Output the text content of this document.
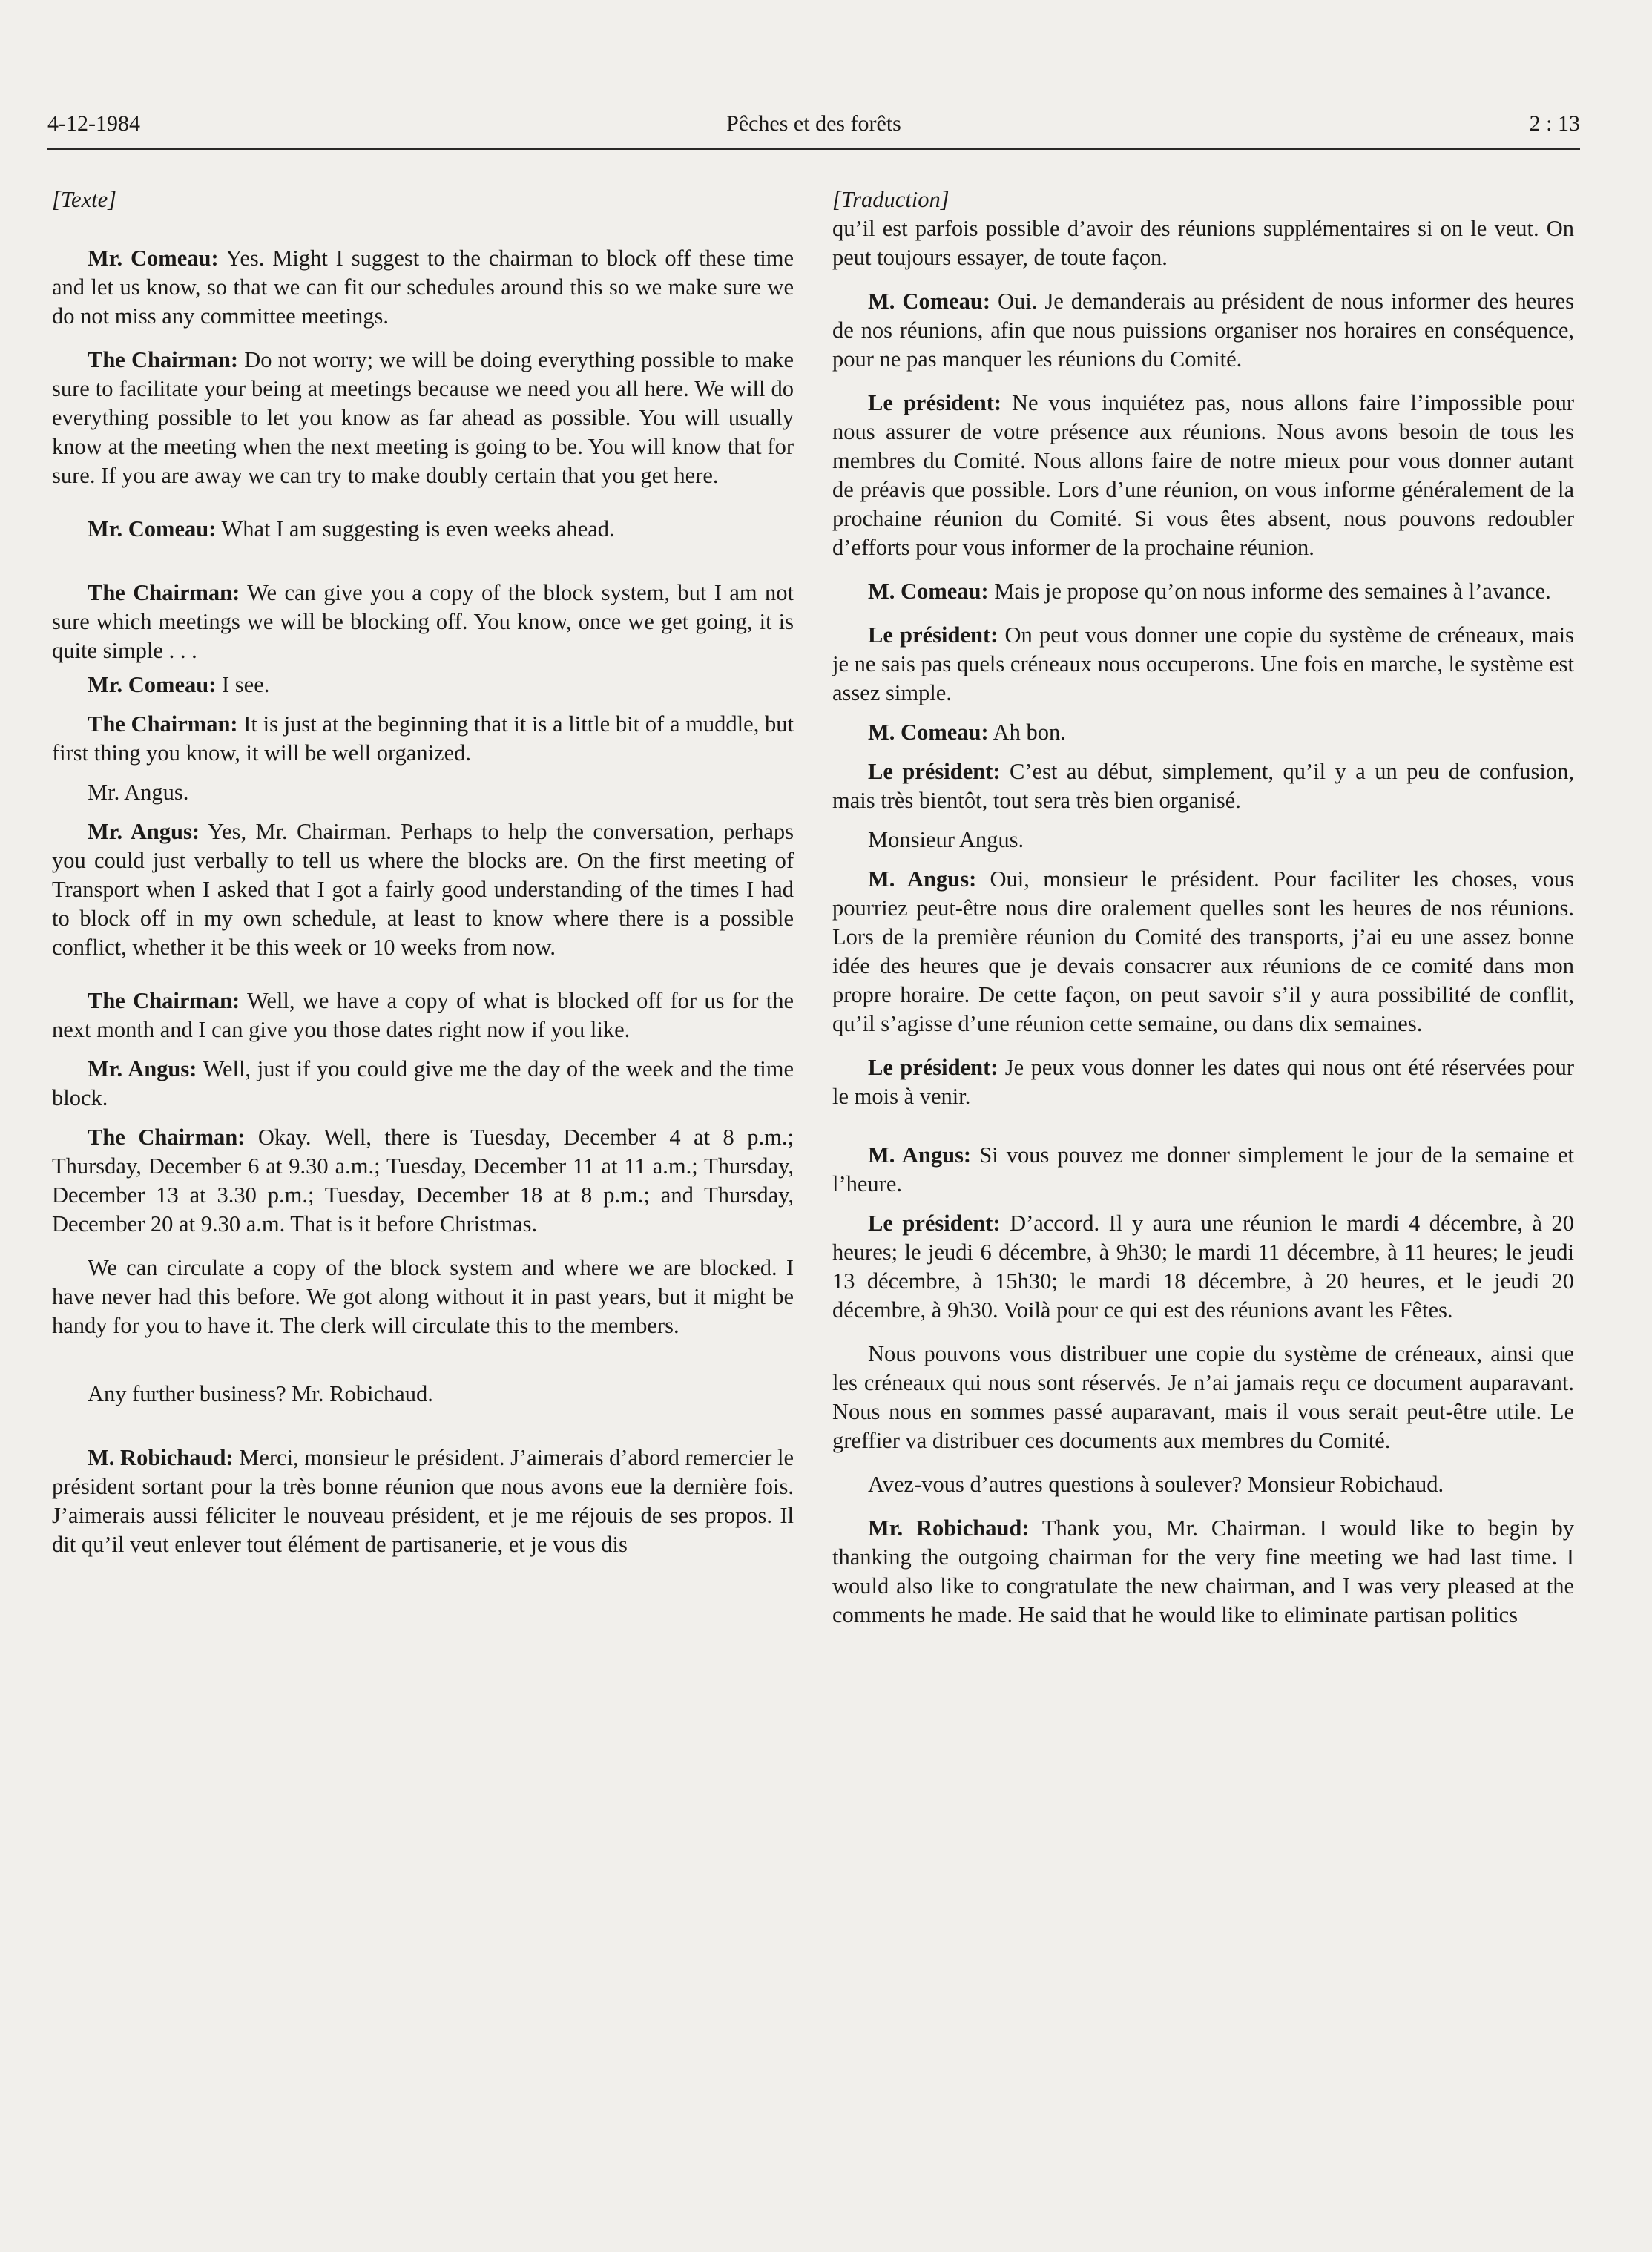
4-12-1984	Pêches et des forêts	2 : 13

[Texte]

Mr. Comeau: Yes. Might I suggest to the chairman to block off these time and let us know, so that we can fit our schedules around this so we make sure we do not miss any committee meetings.

The Chairman: Do not worry; we will be doing everything possible to make sure to facilitate your being at meetings because we need you all here. We will do everything possible to let you know as far ahead as possible. You will usually know at the meeting when the next meeting is going to be. You will know that for sure. If you are away we can try to make doubly certain that you get here.

Mr. Comeau: What I am suggesting is even weeks ahead.

The Chairman: We can give you a copy of the block system, but I am not sure which meetings we will be blocking off. You know, once we get going, it is quite simple . . .

Mr. Comeau: I see.

The Chairman: It is just at the beginning that it is a little bit of a muddle, but first thing you know, it will be well organized.

Mr. Angus.

Mr. Angus: Yes, Mr. Chairman. Perhaps to help the conversation, perhaps you could just verbally to tell us where the blocks are. On the first meeting of Transport when I asked that I got a fairly good understanding of the times I had to block off in my own schedule, at least to know where there is a possible conflict, whether it be this week or 10 weeks from now.

The Chairman: Well, we have a copy of what is blocked off for us for the next month and I can give you those dates right now if you like.

Mr. Angus: Well, just if you could give me the day of the week and the time block.

The Chairman: Okay. Well, there is Tuesday, December 4 at 8 p.m.; Thursday, December 6 at 9.30 a.m.; Tuesday, December 11 at 11 a.m.; Thursday, December 13 at 3.30 p.m.; Tuesday, December 18 at 8 p.m.; and Thursday, December 20 at 9.30 a.m. That is it before Christmas.

We can circulate a copy of the block system and where we are blocked. I have never had this before. We got along without it in past years, but it might be handy for you to have it. The clerk will circulate this to the members.

Any further business? Mr. Robichaud.

M. Robichaud: Merci, monsieur le président. J’aimerais d’abord remercier le président sortant pour la très bonne réunion que nous avons eue la dernière fois. J’aimerais aussi féliciter le nouveau président, et je me réjouis de ses propos. Il dit qu’il veut enlever tout élément de partisanerie, et je vous dis

[Traduction]

qu’il est parfois possible d’avoir des réunions supplémentaires si on le veut. On peut toujours essayer, de toute façon.

M. Comeau: Oui. Je demanderais au président de nous informer des heures de nos réunions, afin que nous puissions organiser nos horaires en conséquence, pour ne pas manquer les réunions du Comité.

Le président: Ne vous inquiétez pas, nous allons faire l’impossible pour nous assurer de votre présence aux réunions. Nous avons besoin de tous les membres du Comité. Nous allons faire de notre mieux pour vous donner autant de préavis que possible. Lors d’une réunion, on vous informe généralement de la prochaine réunion du Comité. Si vous êtes absent, nous pouvons redoubler d’efforts pour vous informer de la prochaine réunion.

M. Comeau: Mais je propose qu’on nous informe des semaines à l’avance.

Le président: On peut vous donner une copie du système de créneaux, mais je ne sais pas quels créneaux nous occuperons. Une fois en marche, le système est assez simple.

M. Comeau: Ah bon.

Le président: C’est au début, simplement, qu’il y a un peu de confusion, mais très bientôt, tout sera très bien organisé.

Monsieur Angus.

M. Angus: Oui, monsieur le président. Pour faciliter les choses, vous pourriez peut-être nous dire oralement quelles sont les heures de nos réunions. Lors de la première réunion du Comité des transports, j’ai eu une assez bonne idée des heures que je devais consacrer aux réunions de ce comité dans mon propre horaire. De cette façon, on peut savoir s’il y aura possibilité de conflit, qu’il s’agisse d’une réunion cette semaine, ou dans dix semaines.

Le président: Je peux vous donner les dates qui nous ont été réservées pour le mois à venir.

M. Angus: Si vous pouvez me donner simplement le jour de la semaine et l’heure.

Le président: D’accord. Il y aura une réunion le mardi 4 décembre, à 20 heures; le jeudi 6 décembre, à 9h30; le mardi 11 décembre, à 11 heures; le jeudi 13 décembre, à 15h30; le mardi 18 décembre, à 20 heures, et le jeudi 20 décembre, à 9h30. Voilà pour ce qui est des réunions avant les Fêtes.

Nous pouvons vous distribuer une copie du système de créneaux, ainsi que les créneaux qui nous sont réservés. Je n’ai jamais reçu ce document auparavant. Nous nous en sommes passé auparavant, mais il vous serait peut-être utile. Le greffier va distribuer ces documents aux membres du Comité.

Avez-vous d’autres questions à soulever? Monsieur Robichaud.

Mr. Robichaud: Thank you, Mr. Chairman. I would like to begin by thanking the outgoing chairman for the very fine meeting we had last time. I would also like to congratulate the new chairman, and I was very pleased at the comments he made. He said that he would like to eliminate partisan politics
